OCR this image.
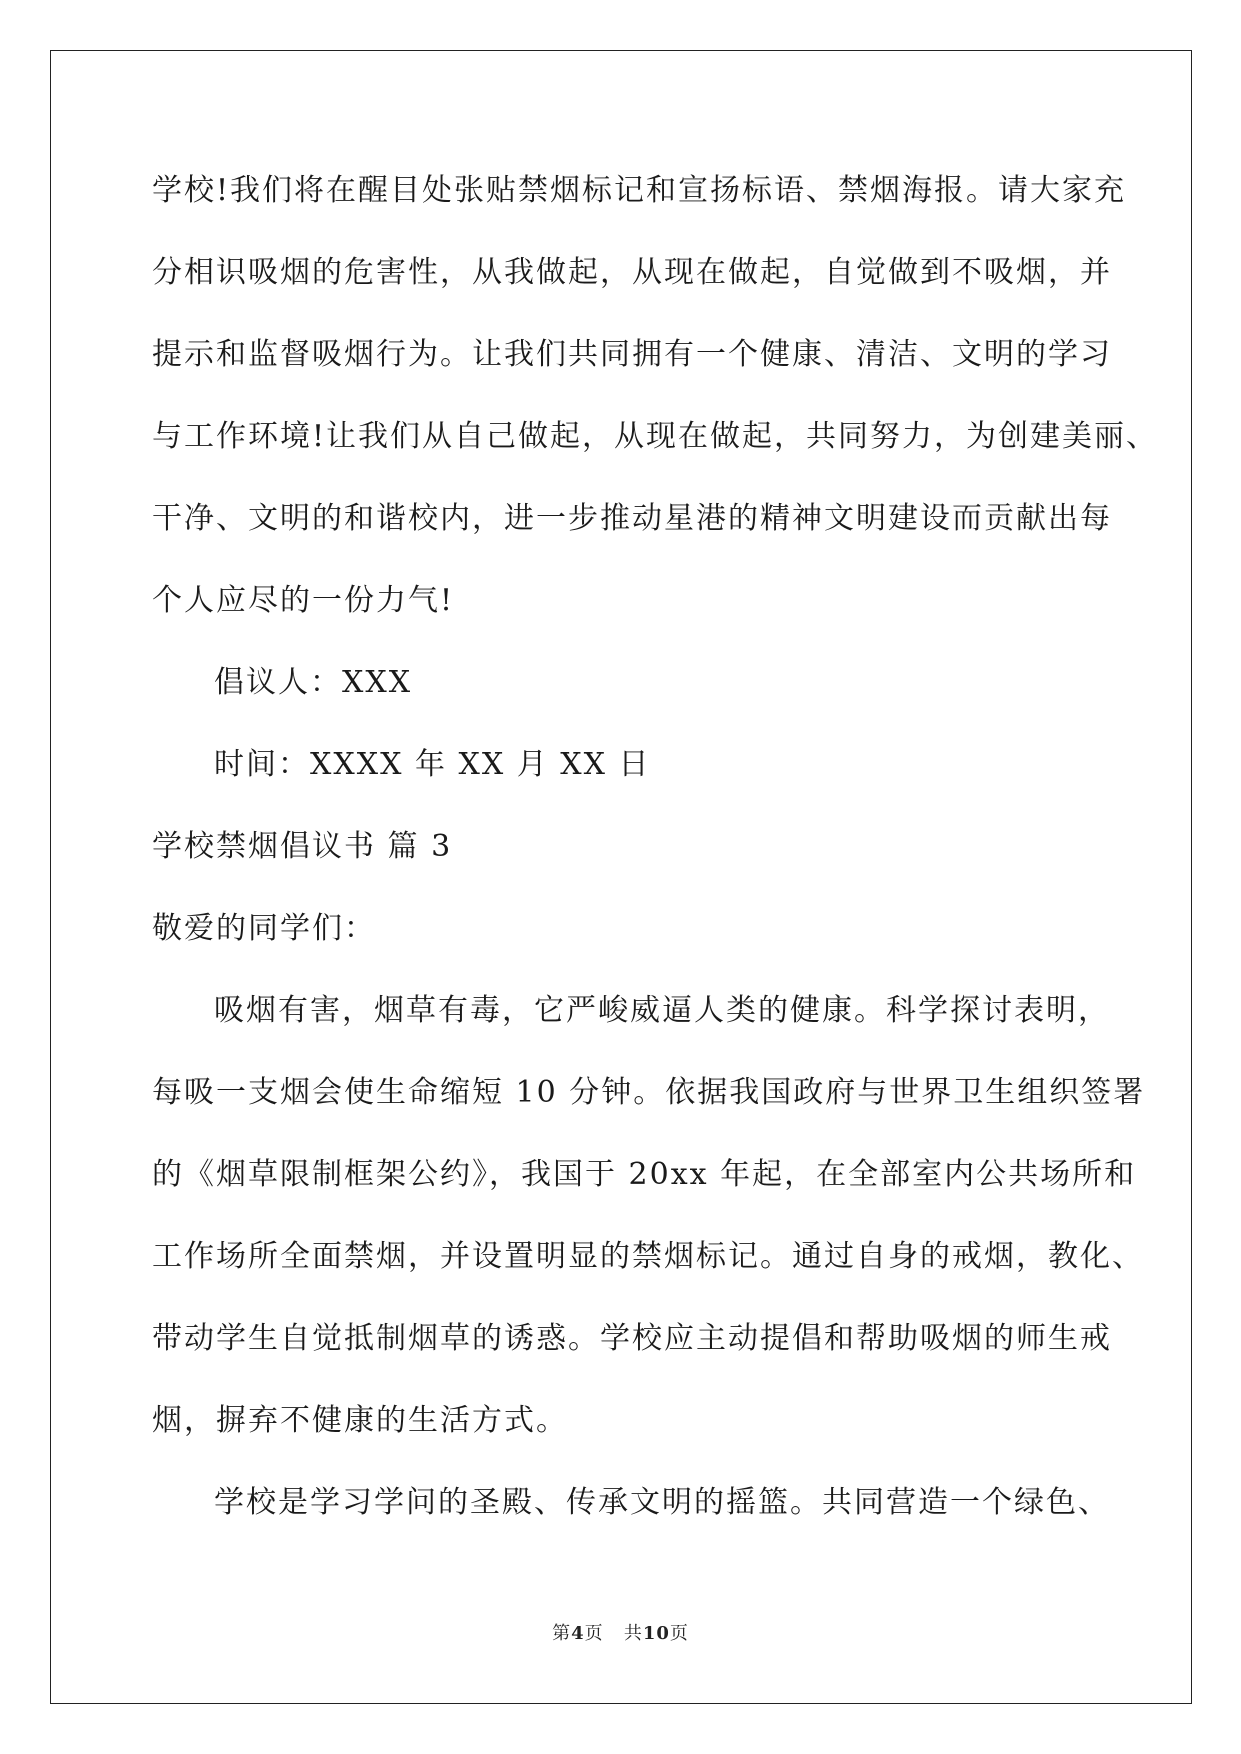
学校!我们将在醒目处张贴禁烟标记和宣扬标语、禁烟海报。请大家充
分相识吸烟的危害性，从我做起，从现在做起，自觉做到不吸烟，并
提示和监督吸烟行为。让我们共同拥有一个健康、清洁、文明的学习
与工作环境!让我们从自己做起，从现在做起，共同努力，为创建美丽、
干净、文明的和谐校内，进一步推动星港的精神文明建设而贡献出每
个人应尽的一份力气!
倡议人：XXX
时间：XXXX 年 XX 月 XX 日
学校禁烟倡议书 篇 3
敬爱的同学们：
吸烟有害，烟草有毒，它严峻威逼人类的健康。科学探讨表明，
每吸一支烟会使生命缩短 10 分钟。依据我国政府与世界卫生组织签署
的《烟草限制框架公约》，我国于 20xx 年起，在全部室内公共场所和
工作场所全面禁烟，并设置明显的禁烟标记。通过自身的戒烟，教化、
带动学生自觉抵制烟草的诱惑。学校应主动提倡和帮助吸烟的师生戒
烟，摒弃不健康的生活方式。
学校是学习学问的圣殿、传承文明的摇篮。共同营造一个绿色、
第4页 共10页
